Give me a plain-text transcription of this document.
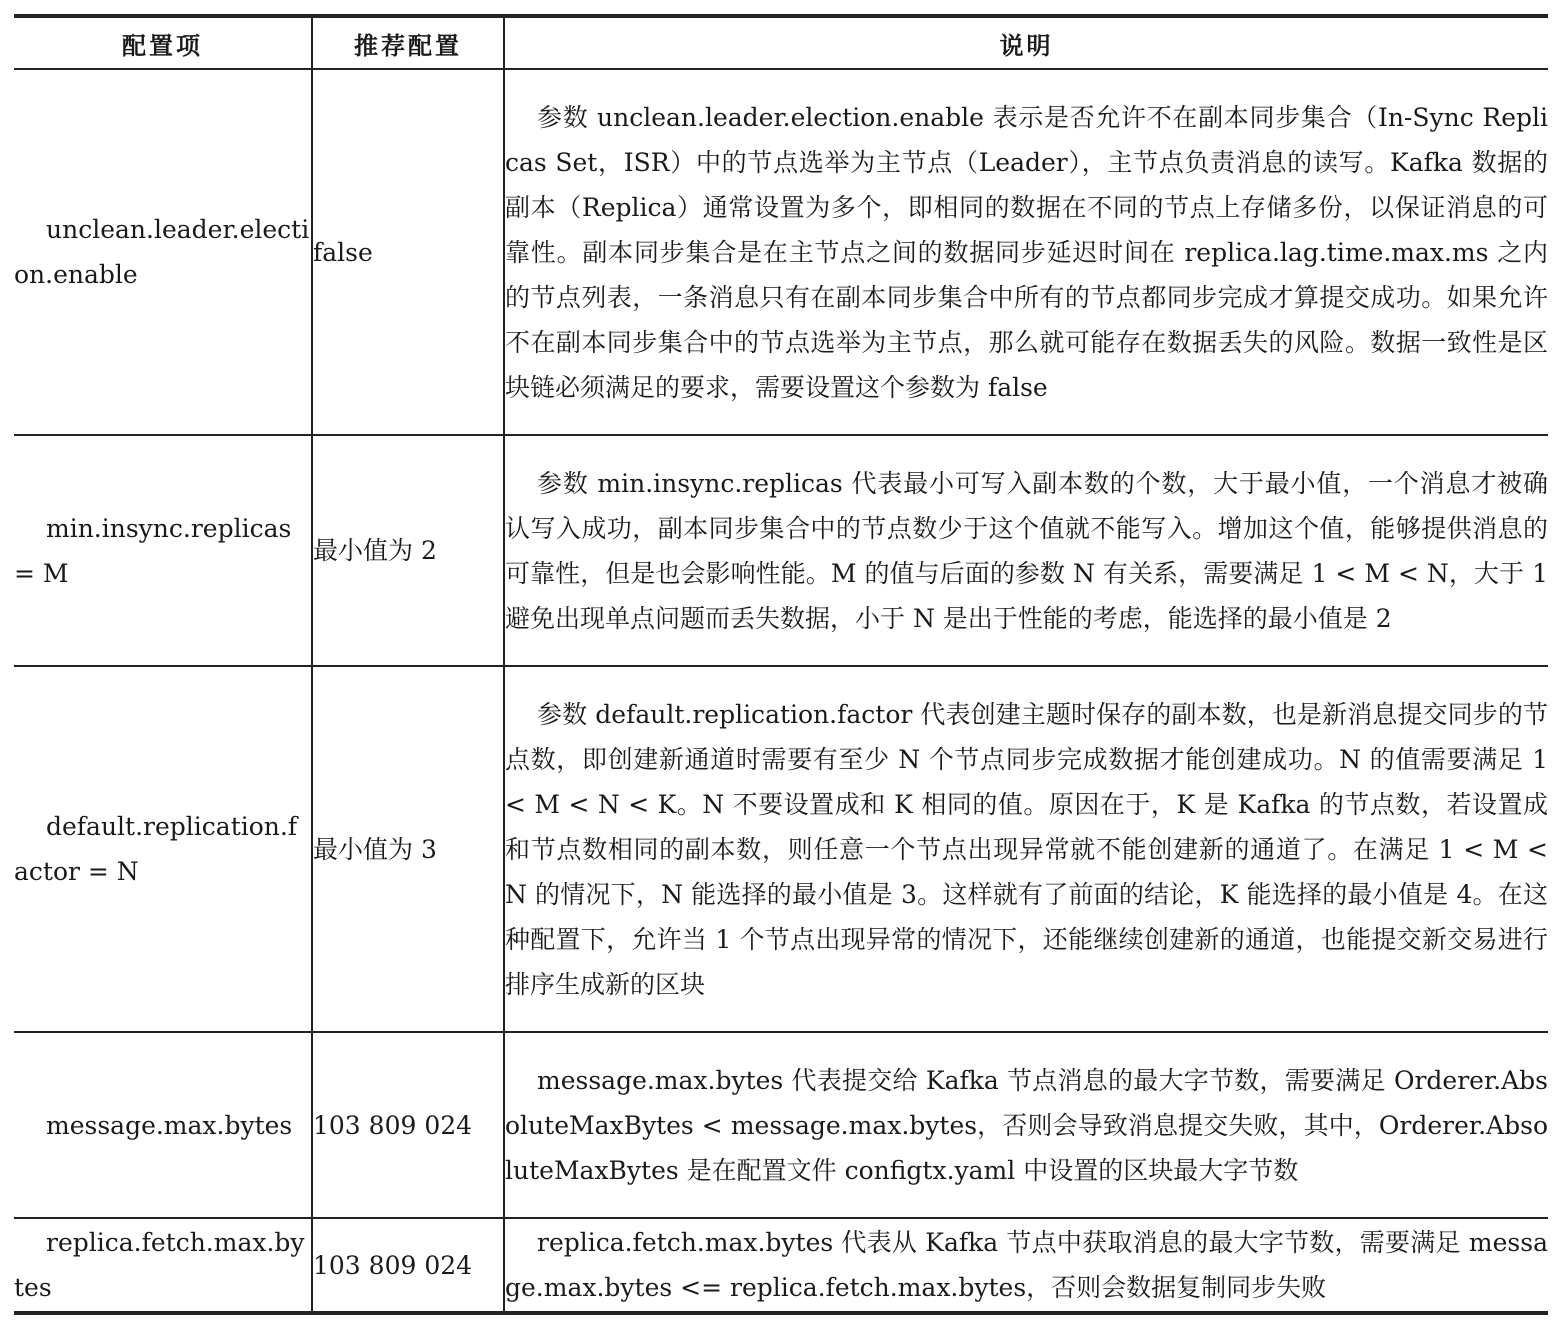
配置项	推荐配置	说明
unclean.leader.election.enable	false	参数 unclean.leader.election.enable 表示是否允许不在副本同步集合（In-Sync Replicas Set，ISR）中的节点选举为主节点（Leader），主节点负责消息的读写。Kafka 数据的副本（Replica）通常设置为多个，即相同的数据在不同的节点上存储多份，以保证消息的可靠性。副本同步集合是在主节点之间的数据同步延迟时间在 replica.lag.time.max.ms 之内的节点列表，一条消息只有在副本同步集合中所有的节点都同步完成才算提交成功。如果允许不在副本同步集合中的节点选举为主节点，那么就可能存在数据丢失的风险。数据一致性是区块链必须满足的要求，需要设置这个参数为 false
min.insync.replicas = M	最小值为 2	参数 min.insync.replicas 代表最小可写入副本数的个数，大于最小值，一个消息才被确认写入成功，副本同步集合中的节点数少于这个值就不能写入。增加这个值，能够提供消息的可靠性，但是也会影响性能。M 的值与后面的参数 N 有关系，需要满足 1 < M < N，大于 1 避免出现单点问题而丢失数据，小于 N 是出于性能的考虑，能选择的最小值是 2
default.replication.factor = N	最小值为 3	参数 default.replication.factor 代表创建主题时保存的副本数，也是新消息提交同步的节点数，即创建新通道时需要有至少 N 个节点同步完成数据才能创建成功。N 的值需要满足 1 < M < N < K。N 不要设置成和 K 相同的值。原因在于，K 是 Kafka 的节点数，若设置成和节点数相同的副本数，则任意一个节点出现异常就不能创建新的通道了。在满足 1 < M < N 的情况下，N 能选择的最小值是 3。这样就有了前面的结论，K 能选择的最小值是 4。在这种配置下，允许当 1 个节点出现异常的情况下，还能继续创建新的通道，也能提交新交易进行排序生成新的区块
message.max.bytes	103 809 024	message.max.bytes 代表提交给 Kafka 节点消息的最大字节数，需要满足 Orderer.AbsoluteMaxBytes < message.max.bytes，否则会导致消息提交失败，其中，Orderer.AbsoluteMaxBytes 是在配置文件 configtx.yaml 中设置的区块最大字节数
replica.fetch.max.bytes	103 809 024	replica.fetch.max.bytes 代表从 Kafka 节点中获取消息的最大字节数，需要满足 message.max.bytes <= replica.fetch.max.bytes，否则会数据复制同步失败
